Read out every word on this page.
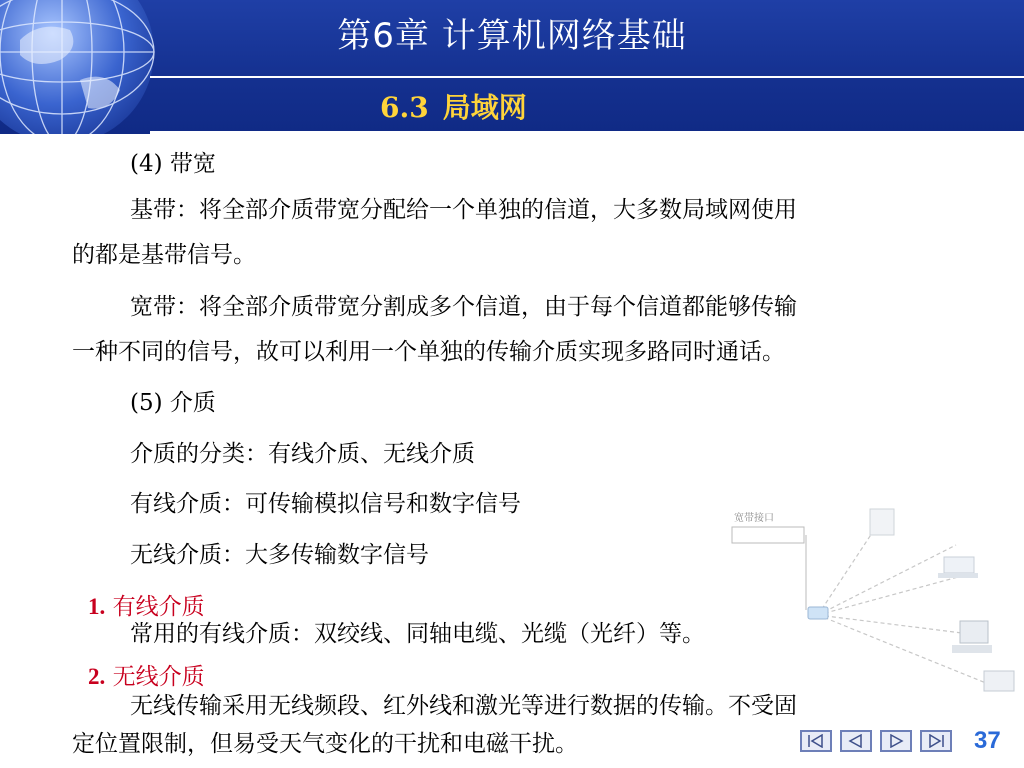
第6章 计算机网络基础
6.3 局域网

(4) 带宽

基带：将全部介质带宽分配给一个单独的信道，大多数局域网使用

的都是基带信号。

宽带：将全部介质带宽分割成多个信道，由于每个信道都能够传输

一种不同的信号，故可以利用一个单独的传输介质实现多路同时通话。

(5) 介质

介质的分类：有线介质、无线介质

有线介质：可传输模拟信号和数字信号

无线介质：大多传输数字信号

1. 有线介质

常用的有线介质：双绞线、同轴电缆、光缆（光纤）等。

2. 无线介质

无线传输采用无线频段、红外线和激光等进行数据的传输。不受固

定位置限制，但易受天气变化的干扰和电磁干扰。

宽带接口
37
